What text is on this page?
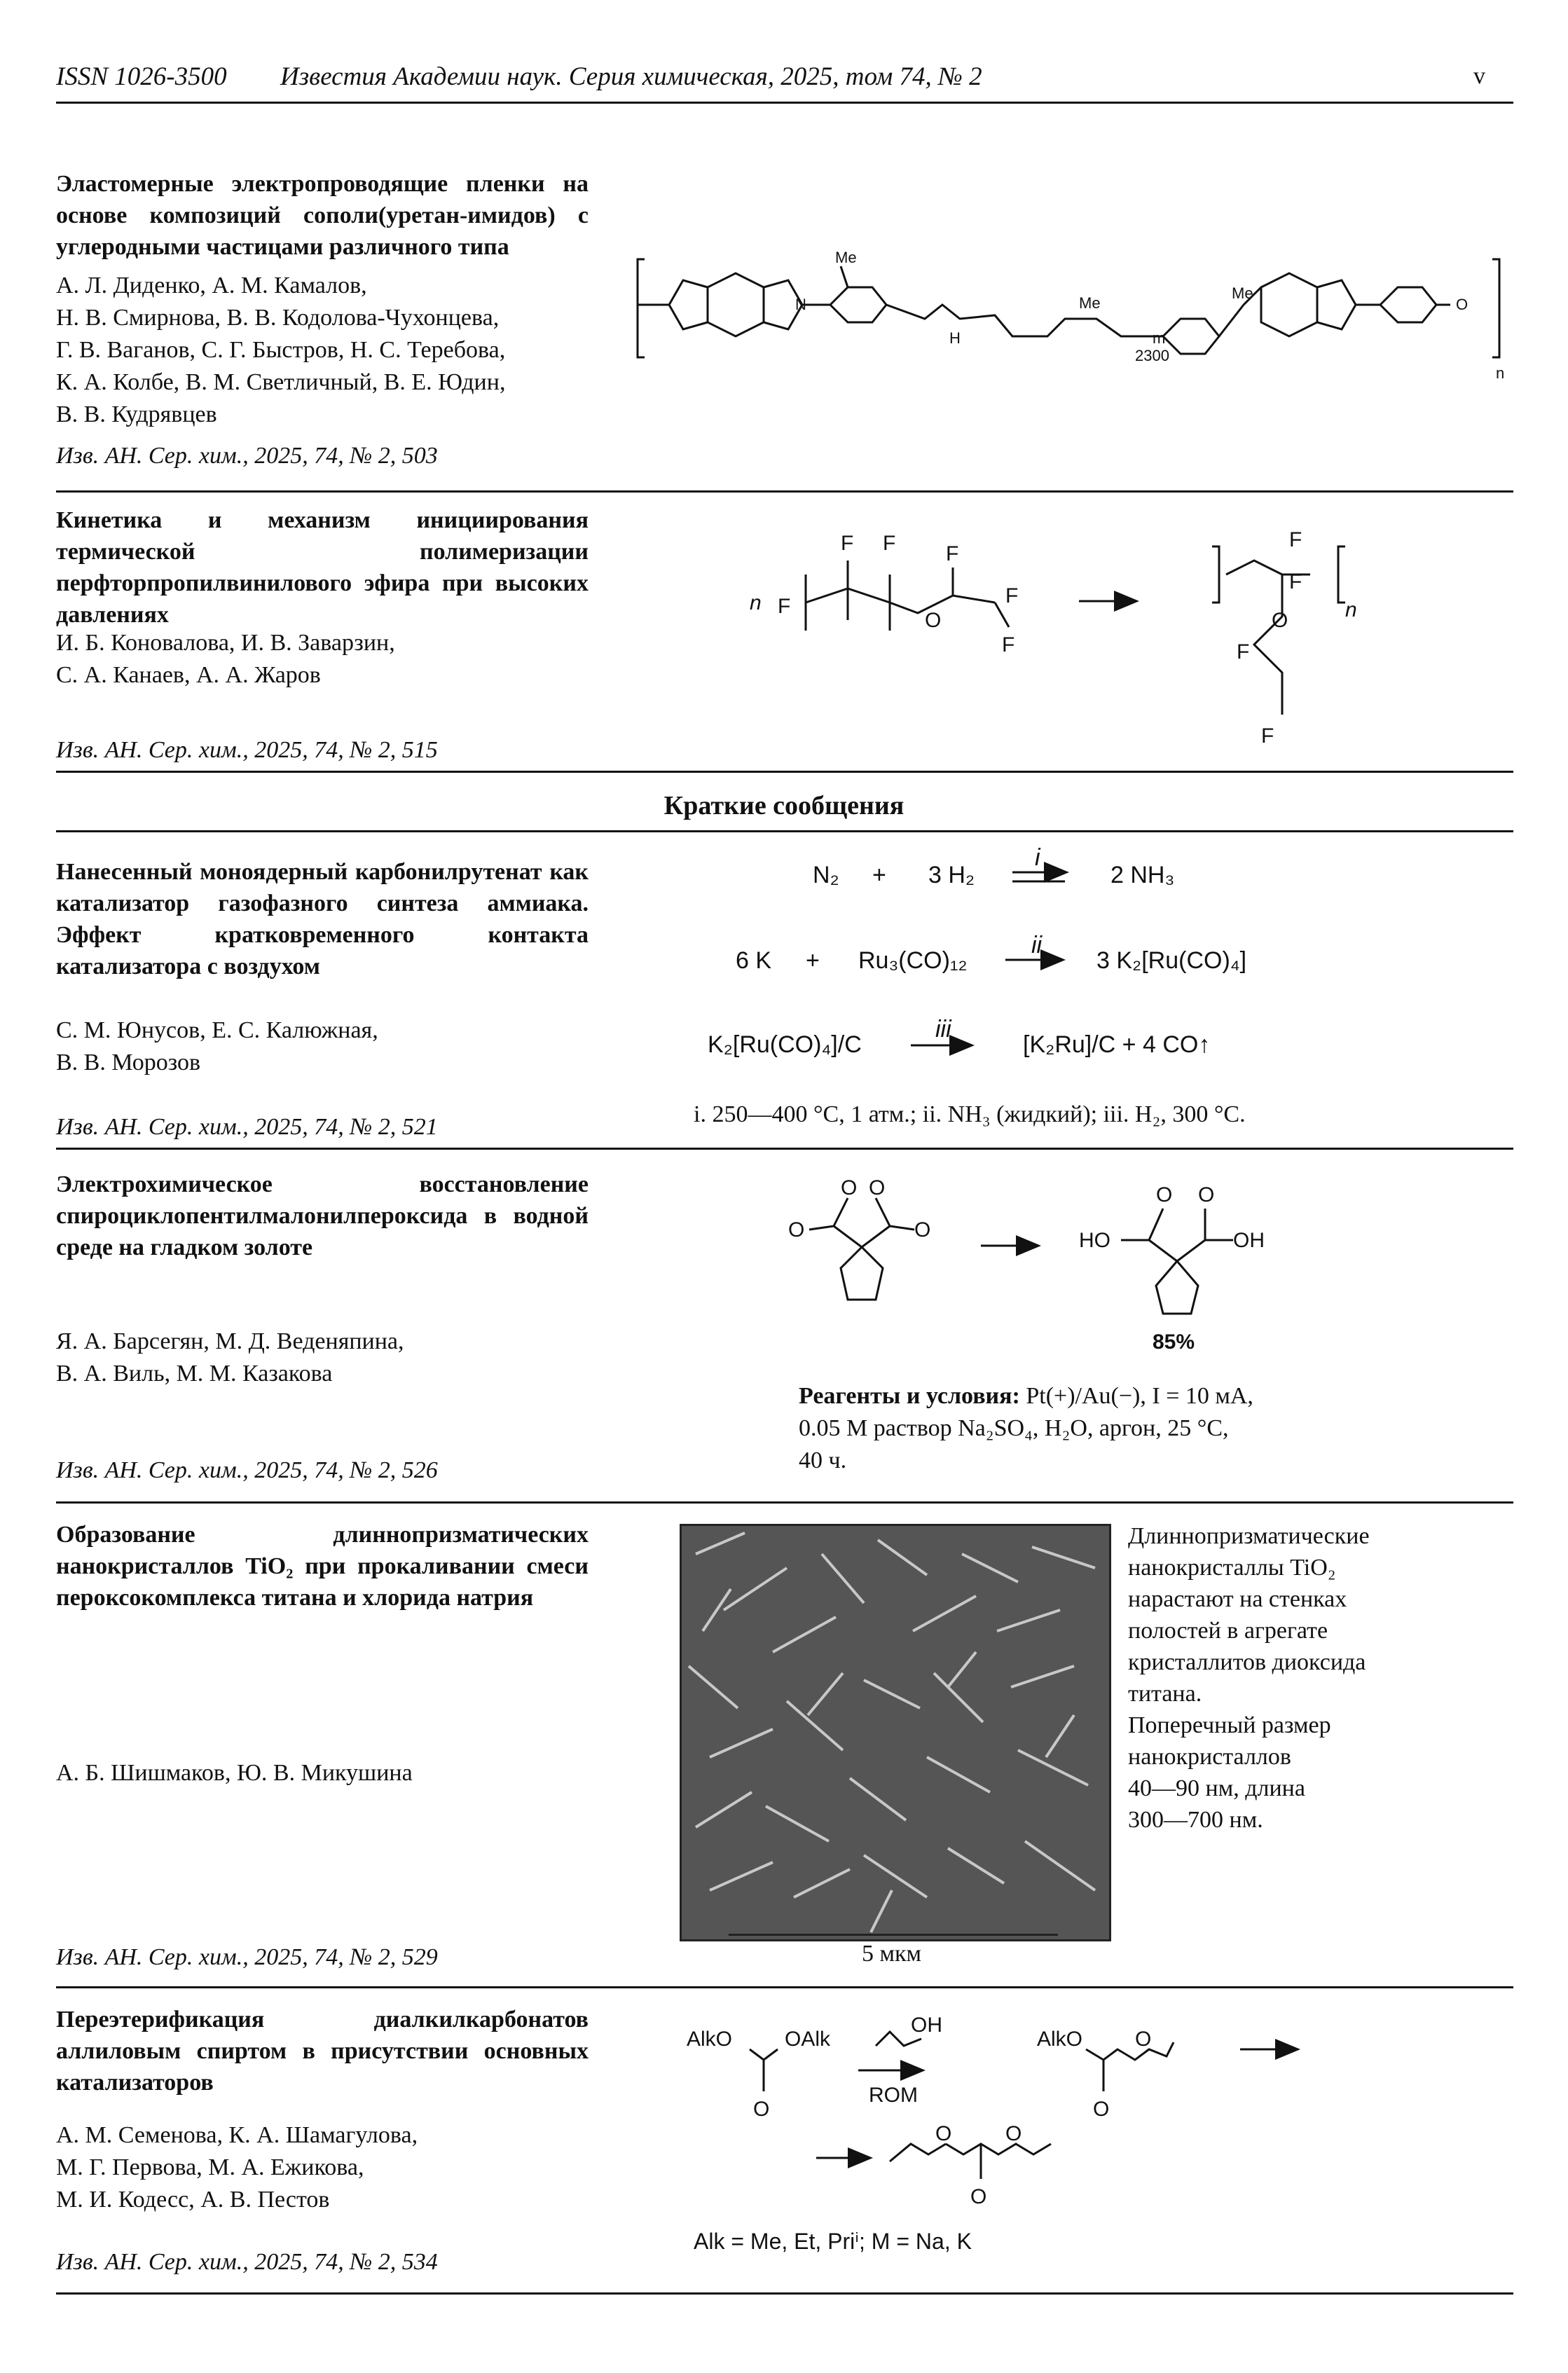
ISSN 1026-3500 Известия Академии наук. Серия химическая, 2025, том 74, № 2	v
Эластомерные электропроводящие пленки на основе композиций сополи(уретан-имидов) с углеродными частицами различного типа
А. Л. Диденко, А. М. Камалов,
Н. В. Смирнова, В. В. Кодолова-Чухонцева,
Г. В. Ваганов, С. Г. Быстров, Н. С. Теребова,
К. А. Колбе, В. М. Светличный, В. Е. Юдин,
В. В. Кудрявцев
Изв. АН. Сер. хим., 2025, 74, № 2, 503
N
Me
Me
Me
2300
m
n
O
H
Кинетика и механизм инициирования термической полимеризации перфторпропилвинилового эфира при высоких давлениях
И. Б. Коновалова, И. В. Заварзин,
С. А. Канаев, А. А. Жаров
Изв. АН. Сер. хим., 2025, 74, № 2, 515
n F
F F
O
F
F
F
n
O
F
F
F
F
Краткие сообщения
Нанесенный моноядерный карбонилрутенат как катализатор газофазного синтеза аммиака. Эффект кратковременного контакта катализатора с воздухом
С. М. Юнусов, Е. С. Калюжная,
В. В. Морозов
Изв. АН. Сер. хим., 2025, 74, № 2, 521
N₂ + 3 H₂
i
2 NH₃
6 K + Ru₃(CO)₁₂
ii
3 K₂[Ru(CO)₄]
K₂[Ru(CO)₄]/C
iii
[K₂Ru]/C + 4 CO↑
i. 250—400 °C, 1 атм.; ii. NH₃ (жидкий); iii. H₂, 300 °C.
Электрохимическое восстановление спироциклопентилмалонилпероксида в водной среде на гладком золоте
Я. А. Барсегян, М. Д. Веденяпина,
В. А. Виль, М. М. Казакова
Изв. АН. Сер. хим., 2025, 74, № 2, 526
O O
O	O
O O
HO	OH
85%
Реагенты и условия: Pt(+)/Au(−), I = 10 мА,
0.05 M раствор Na₂SO₄, H₂O, аргон, 25 °C,
40 ч.
Образование длиннопризматических нанокристаллов TiO₂ при прокаливании смеси пероксокомплекса титана и хлорида натрия
А. Б. Шишмаков, Ю. В. Микушина
Изв. АН. Сер. хим., 2025, 74, № 2, 529	5 мкм
Длиннопризматические
нанокристаллы TiO₂
нарастают на стенках
полостей в агрегате
кристаллитов диоксида
титана.
Поперечный размер
нанокристаллов
40—90 нм, длина
300—700 нм.
Переэтерификация диалкилкарбонатов аллиловым спиртом в присутствии основных катализаторов
А. М. Семенова, К. А. Шамагулова,
М. Г. Первова, М. А. Ежикова,
М. И. Кодесс, А. В. Пестов
Изв. АН. Сер. хим., 2025, 74, № 2, 534
AlkO OAlk
O
OH
ROM
AlkO O
O
O	O
O
Alk = Me, Et, Priⁱ; M = Na, K
